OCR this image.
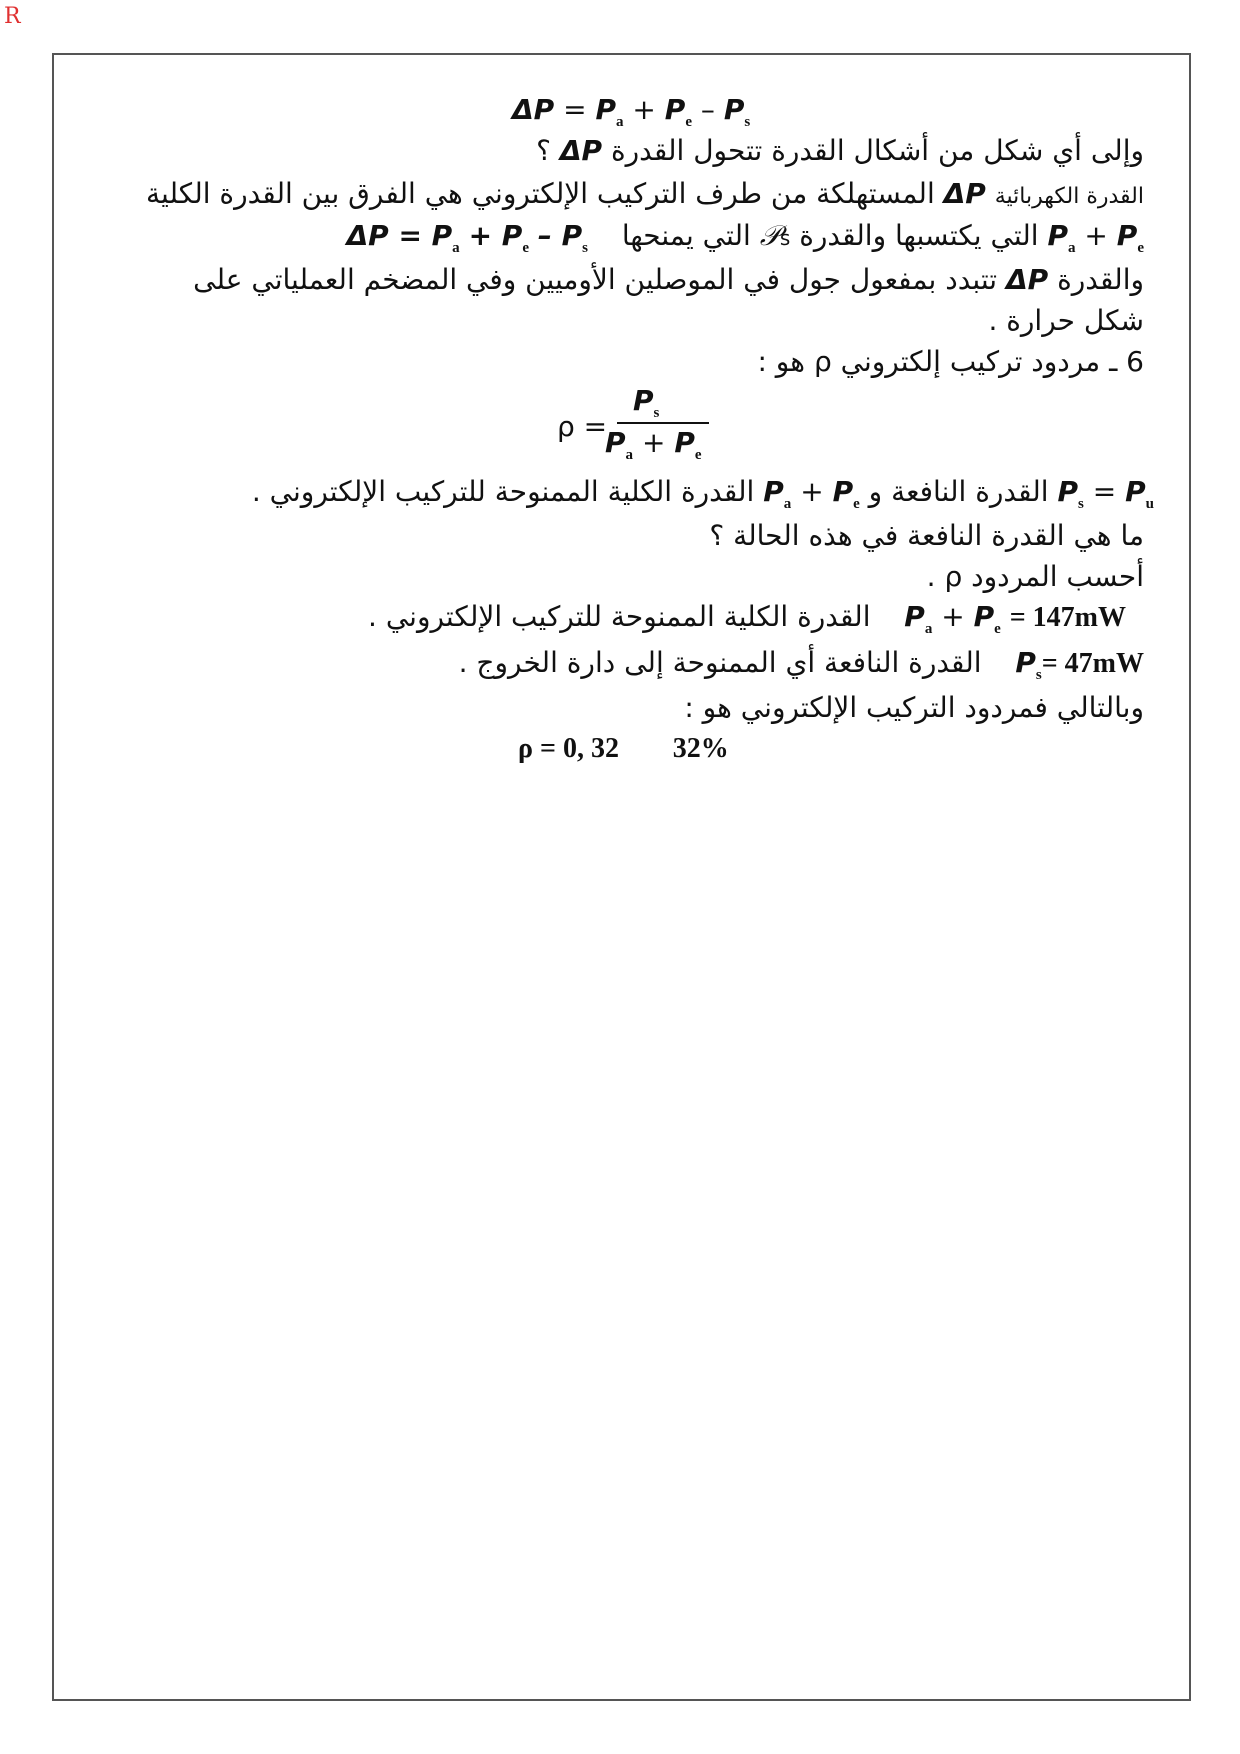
R
$\Delta P = P_a + P_e - P_s$
وإلى أي شكل من أشكال القدرة تتحول القدرة ΔP ؟
القدرة الكهربائية ΔP المستهلكة من طرف التركيب الإلكتروني هي الفرق بين القدرة الكلية
$P_a + P_e$ التي يكتسبها والقدرة 𝒫s التي يمنحها  $\Delta P = P_a + P_e - P_s$
والقدرة ΔP تتبدد بمفعول جول في الموصلين الأوميين وفي المضخم العملياتي على
شكل حرارة .
6 ـ مردود تركيب إلكتروني ρ هو :
ρ =
$P_s$
$P_a + P_e$
$P_s = P_u$ القدرة النافعة و $P_a + P_e$ القدرة الكلية الممنوحة للتركيب الإلكتروني .
ما هي القدرة النافعة في هذه الحالة ؟
أحسب المردود ρ .
$P_a + P_e = 147mW$  القدرة الكلية الممنوحة للتركيب الإلكتروني .
$P_s= 47mW$  القدرة النافعة أي الممنوحة إلى دارة الخروج .
وبالتالي فمردود التركيب الإلكتروني هو :
ρ = 0, 32 32%
